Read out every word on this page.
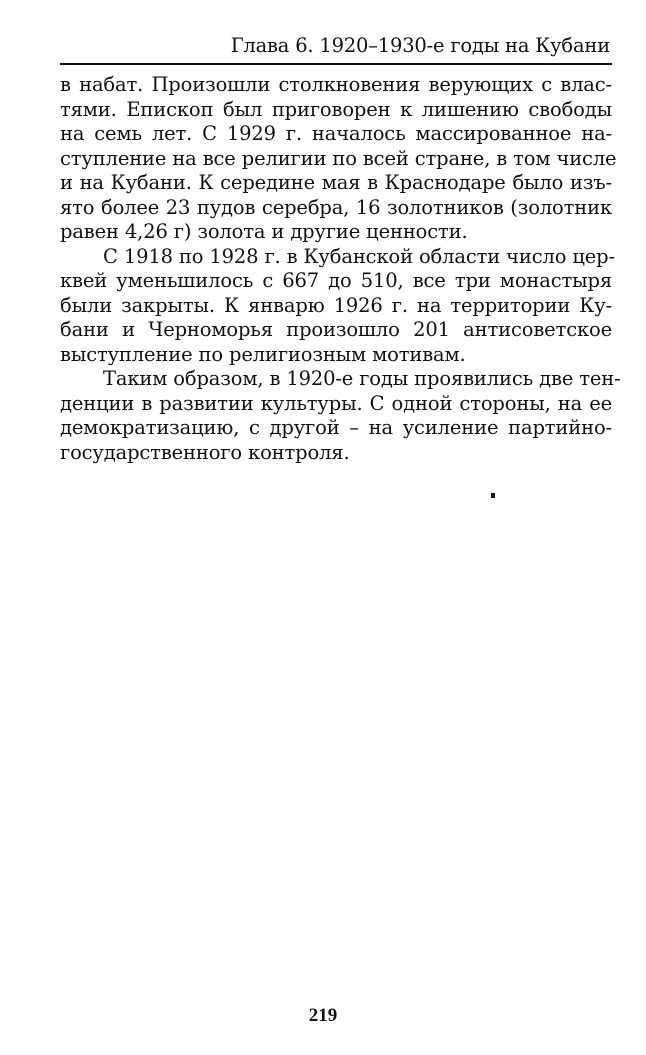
Глава 6. 1920–1930-е годы на Кубани
в набат. Произошли столкновения верующих с влас-
тями. Епископ был приговорен к лишению свободы
на семь лет. С 1929 г. началось массированное на-
ступление на все религии по всей стране, в том числе
и на Кубани. К середине мая в Краснодаре было изъ-
ято более 23 пудов серебра, 16 золотников (золотник
равен 4,26 г) золота и другие ценности.
С 1918 по 1928 г. в Кубанской области число цер-
квей уменьшилось с 667 до 510, все три монастыря
были закрыты. К январю 1926 г. на территории Ку-
бани и Черноморья произошло 201 антисоветское
выступление по религиозным мотивам.
Таким образом, в 1920-е годы проявились две тен-
денции в развитии культуры. С одной стороны, на ее
демократизацию, с другой – на усиление партийно-
государственного контроля.
219
